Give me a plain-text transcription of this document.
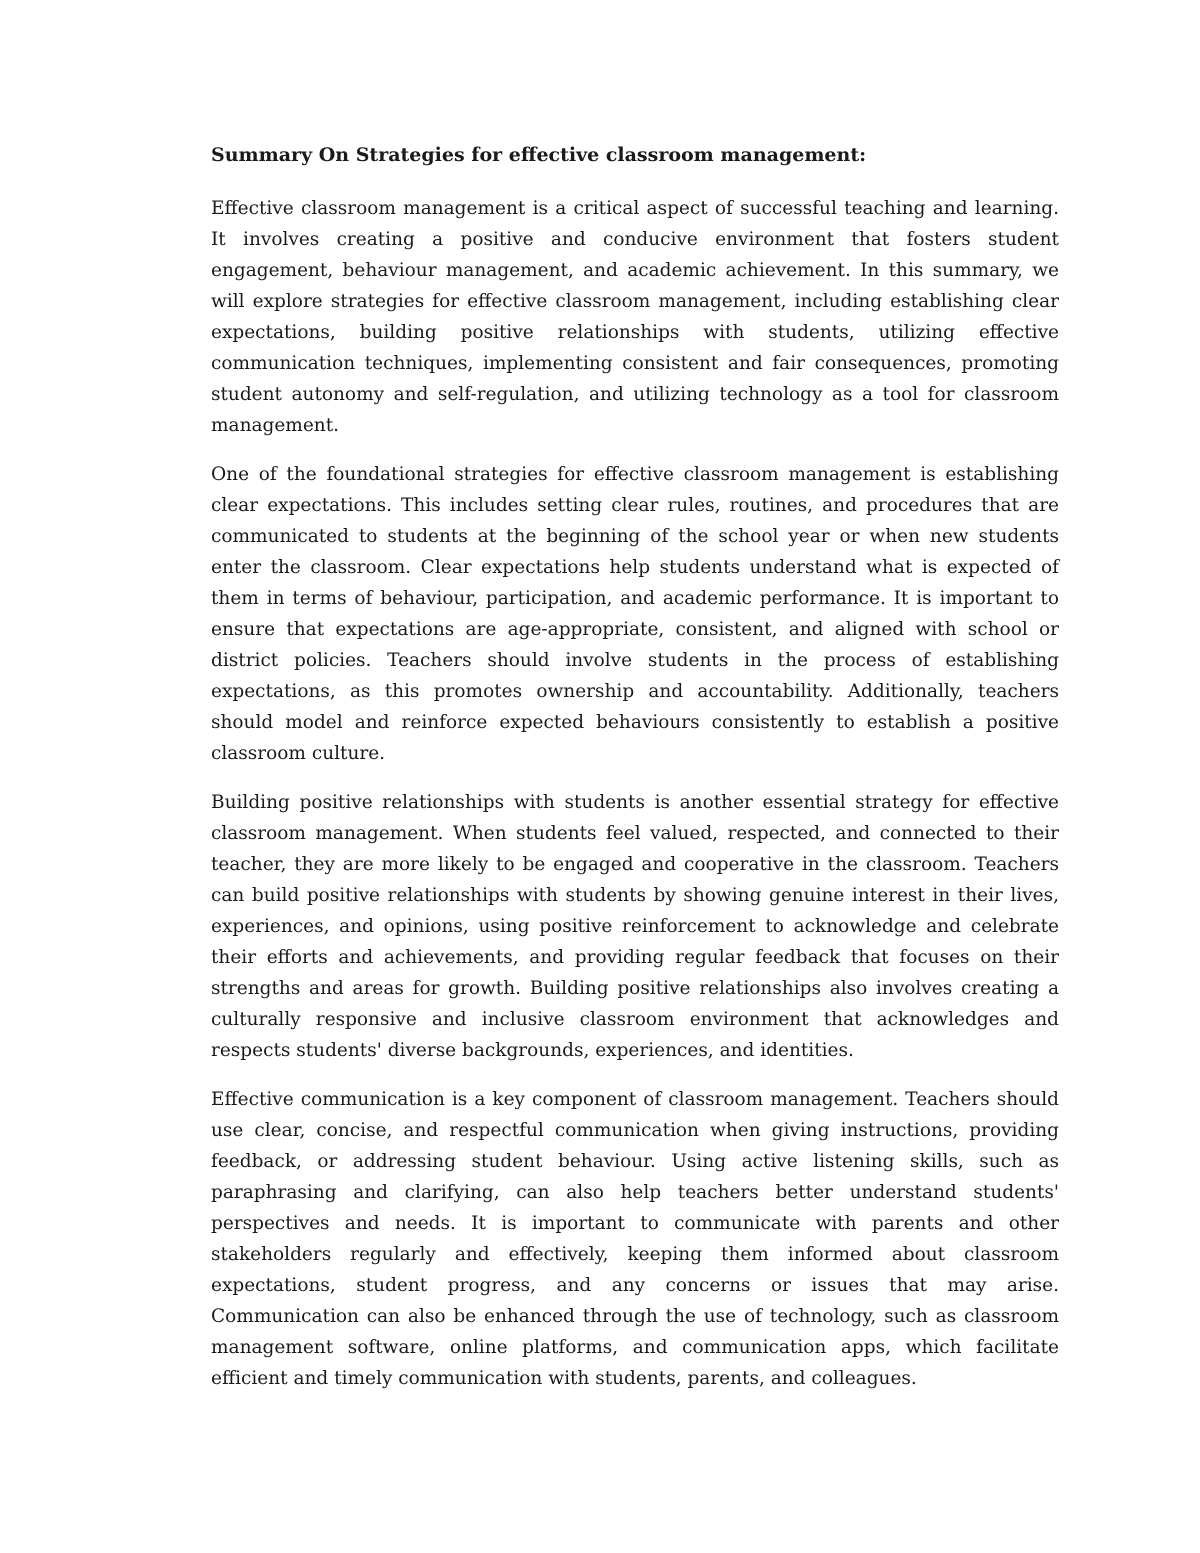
Summary On Strategies for effective classroom management:

Effective classroom management is a critical aspect of successful teaching and learning. It involves creating a positive and conducive environment that fosters student engagement, behaviour management, and academic achievement. In this summary, we will explore strategies for effective classroom management, including establishing clear expectations, building positive relationships with students, utilizing effective communication techniques, implementing consistent and fair consequences, promoting student autonomy and self-regulation, and utilizing technology as a tool for classroom management.

One of the foundational strategies for effective classroom management is establishing clear expectations. This includes setting clear rules, routines, and procedures that are communicated to students at the beginning of the school year or when new students enter the classroom. Clear expectations help students understand what is expected of them in terms of behaviour, participation, and academic performance. It is important to ensure that expectations are age-appropriate, consistent, and aligned with school or district policies. Teachers should involve students in the process of establishing expectations, as this promotes ownership and accountability. Additionally, teachers should model and reinforce expected behaviours consistently to establish a positive classroom culture.

Building positive relationships with students is another essential strategy for effective classroom management. When students feel valued, respected, and connected to their teacher, they are more likely to be engaged and cooperative in the classroom. Teachers can build positive relationships with students by showing genuine interest in their lives, experiences, and opinions, using positive reinforcement to acknowledge and celebrate their efforts and achievements, and providing regular feedback that focuses on their strengths and areas for growth. Building positive relationships also involves creating a culturally responsive and inclusive classroom environment that acknowledges and respects students' diverse backgrounds, experiences, and identities.

Effective communication is a key component of classroom management. Teachers should use clear, concise, and respectful communication when giving instructions, providing feedback, or addressing student behaviour. Using active listening skills, such as paraphrasing and clarifying, can also help teachers better understand students' perspectives and needs. It is important to communicate with parents and other stakeholders regularly and effectively, keeping them informed about classroom expectations, student progress, and any concerns or issues that may arise. Communication can also be enhanced through the use of technology, such as classroom management software, online platforms, and communication apps, which facilitate efficient and timely communication with students, parents, and colleagues.
